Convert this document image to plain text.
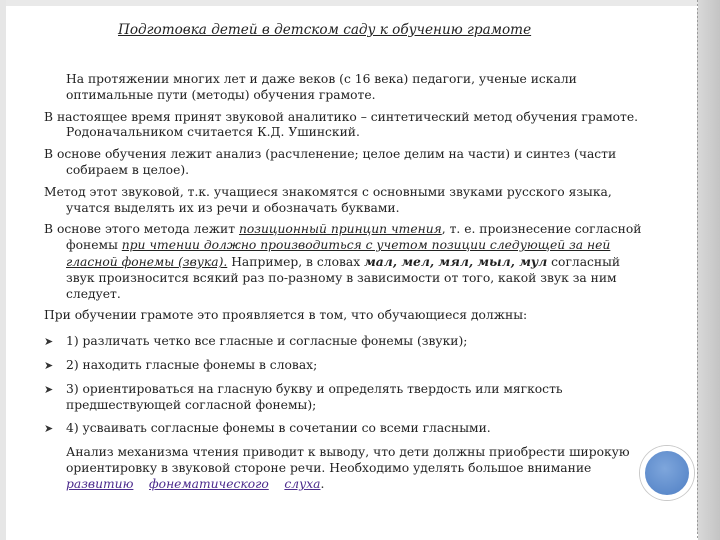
Подготовка детей в детском саду к обучению грамоте
На протяжении многих лет и даже веков (с 16 века) педагоги, ученые искали
оптимальные пути (методы) обучения грамоте.
В настоящее время принят звуковой аналитико – синтетический метод обучения грамоте.
Родоначальником считается К.Д. Ушинский.
В основе обучения лежит анализ (расчленение; целое делим на части) и синтез (части
собираем в целое).
Метод этот звуковой, т.к. учащиеся знакомятся с основными звуками русского языка,
учатся выделять их из речи и обозначать буквами.
В основе этого метода лежит позиционный принцип чтения, т. е. произнесение согласной
фонемы при чтении должно производиться с учетом позиции следующей за ней
гласной фонемы (звука). Например, в словах мал, мел, мял, мыл, мул согласный
звук произносится всякий раз по-разному в зависимости от того, какой звук за ним
следует.
При обучении грамоте это проявляется в том, что обучающиеся должны:
➤ 1) различать четко все гласные и согласные фонемы (звуки);
➤ 2) находить гласные фонемы в словах;
➤ 3) ориентироваться на гласную букву и определять твердость или мягкость
предшествующей согласной фонемы);
➤ 4) усваивать согласные фонемы в сочетании со всеми гласными.
Анализ механизма чтения приводит к выводу, что дети должны приобрести широкую
ориентировку в звуковой стороне речи. Необходимо уделять большое внимание
развитию фонематического слуха.
